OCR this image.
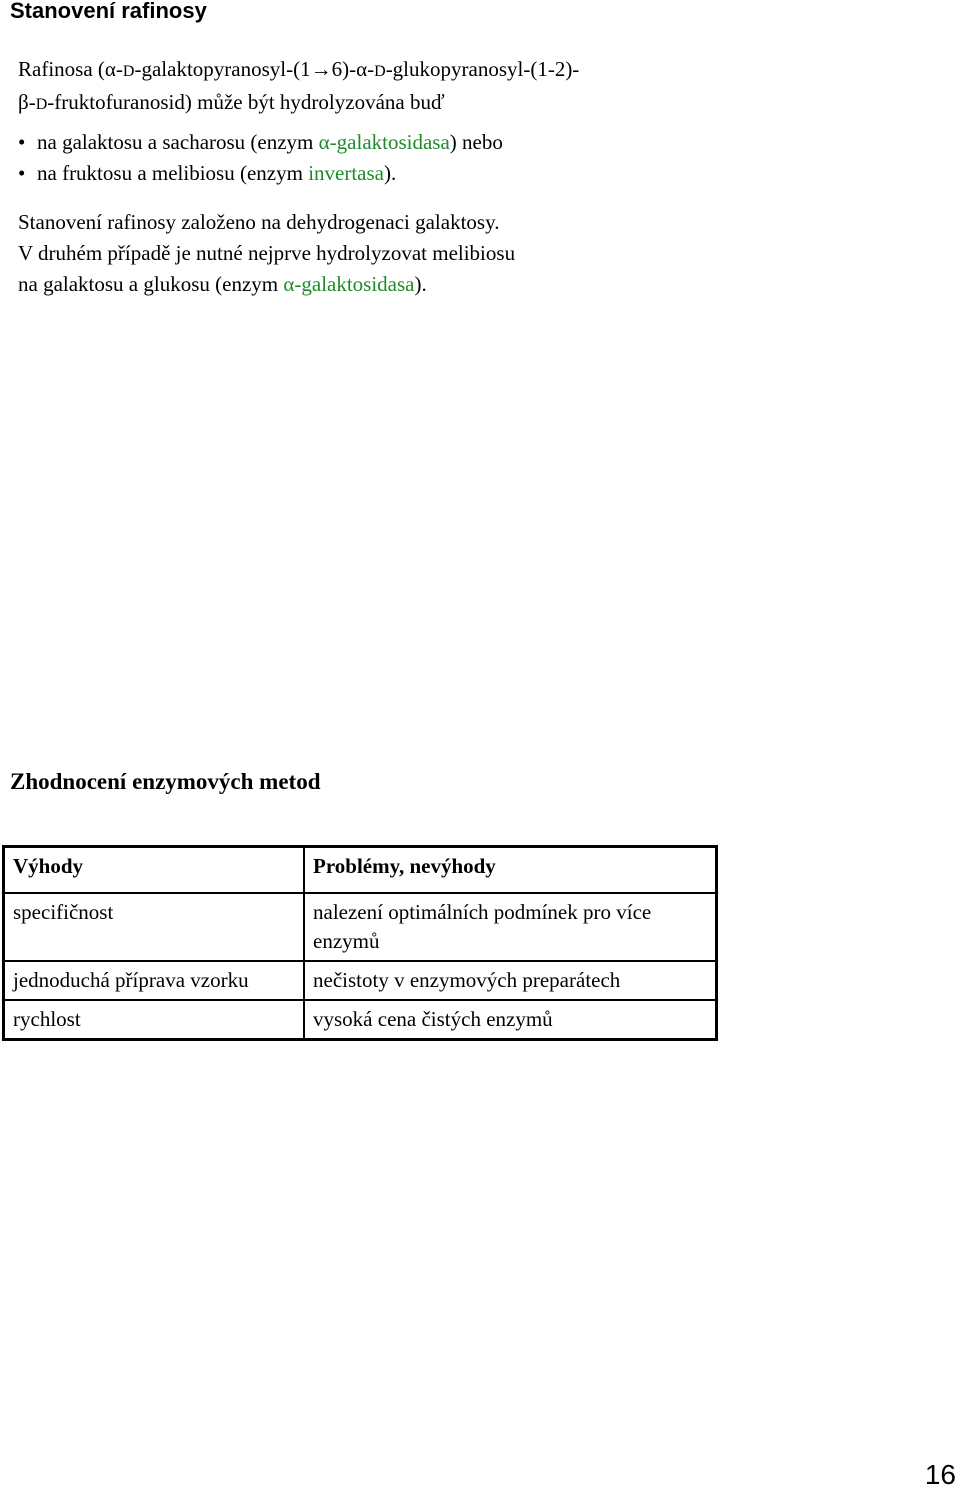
Stanovení rafinosy
Rafinosa (α-D-galaktopyranosyl-(1→6)-α-D-glukopyranosyl-(1-2)-
β-D-fruktofuranosid) může být hydrolyzována buď
• na galaktosu a sacharosu (enzym α-galaktosidasa) nebo
• na fruktosu a melibiosu (enzym invertasa).
Stanovení rafinosy založeno na dehydrogenaci galaktosy.
V druhém případě je nutné nejprve hydrolyzovat melibiosu
na galaktosu a glukosu (enzym α-galaktosidasa).
Zhodnocení enzymových metod
Výhody	Problémy, nevýhody
specifičnost	nalezení optimálních podmínek pro více enzymů
jednoduchá příprava vzorku	nečistoty v enzymových preparátech
rychlost	vysoká cena čistých enzymů
16
